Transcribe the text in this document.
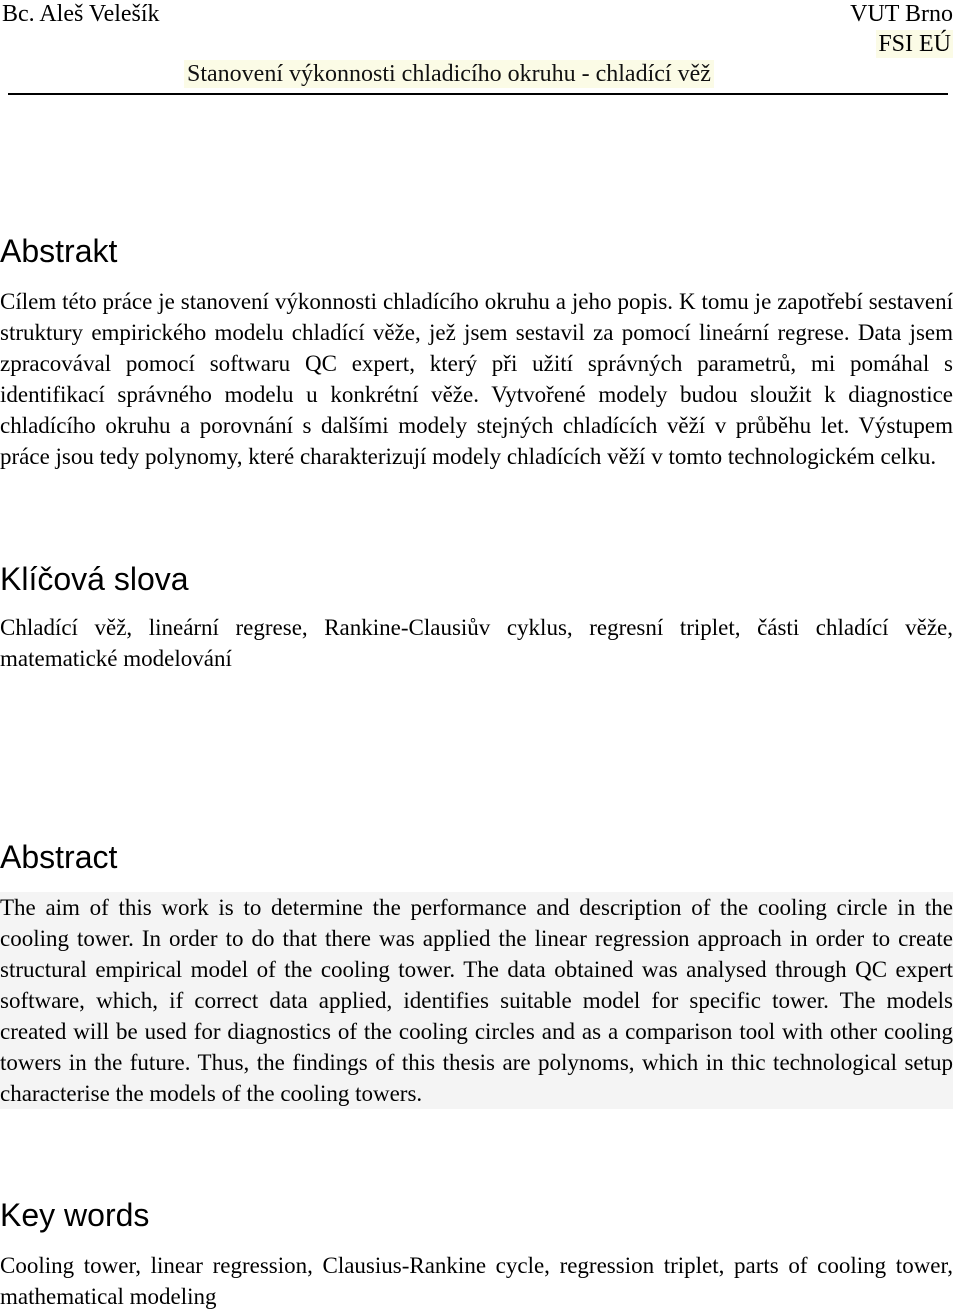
Bc. Aleš Velešík	VUT Brno
FSI EÚ
Stanovení výkonnosti chladicího okruhu - chladící věž
Abstrakt

Cílem této práce je stanovení výkonnosti chladícího okruhu a jeho popis. K tomu je zapotřebí sestavení struktury empirického modelu chladící věže, jež jsem sestavil za pomocí lineární regrese. Data jsem zpracovával pomocí softwaru QC expert, který při užití správných parametrů, mi pomáhal s identifikací správného modelu u konkrétní věže. Vytvořené modely budou sloužit k diagnostice chladícího okruhu a porovnání s dalšími modely stejných chladících věží v průběhu let. Výstupem práce jsou tedy polynomy, které charakterizují modely chladících věží v tomto technologickém celku.

Klíčová slova

Chladící věž, lineární regrese, Rankine-Clausiův cyklus, regresní triplet, části chladící věže, matematické modelování

Abstract

The aim of this work is to determine the performance and description of the cooling circle in the cooling tower. In order to do that there was applied the linear regression approach in order to create structural empirical model of the cooling tower. The data obtained was analysed through QC expert software, which, if correct data applied, identifies suitable model for specific tower. The models created will be used for diagnostics of the cooling circles and as a comparison tool with other cooling towers in the future. Thus, the findings of this thesis are polynoms, which in thic technological setup characterise the models of the cooling towers.

Key words

Cooling tower, linear regression, Clausius-Rankine cycle, regression triplet, parts of cooling tower, mathematical modeling
